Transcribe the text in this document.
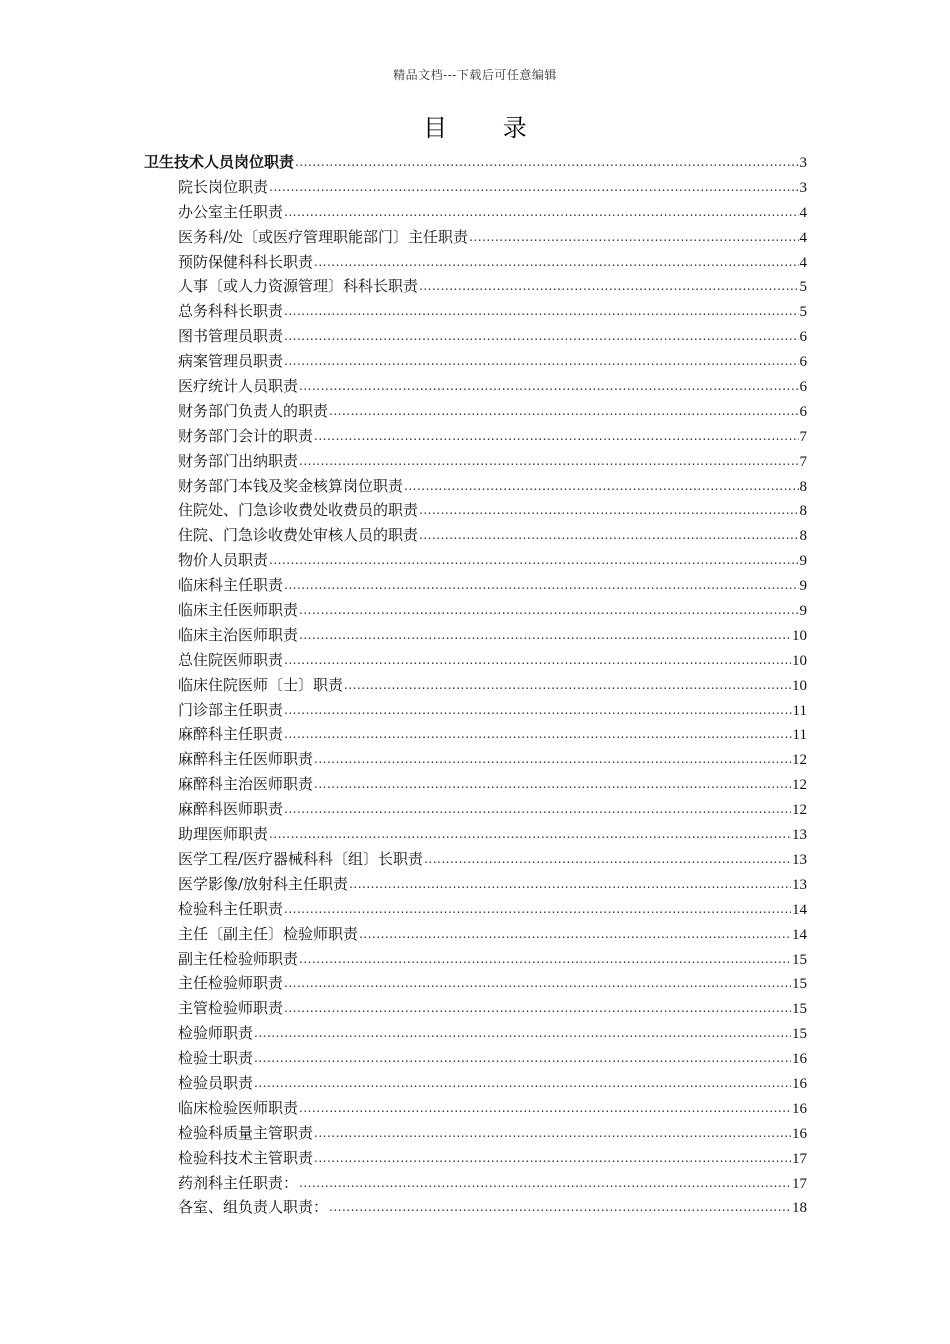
精品文档---下载后可任意编辑
目 录
卫生技术人员岗位职责 .....	3
院长岗位职责 .....	3
办公室主任职责 .....	4
医务科/处〔或医疗管理职能部门〕主任职责 .....	4
预防保健科科长职责 .....	4
人事〔或人力资源管理〕科科长职责 .....	5
总务科科长职责 .....	5
图书管理员职责 .....	6
病案管理员职责 .....	6
医疗统计人员职责 .....	6
财务部门负责人的职责 .....	6
财务部门会计的职责 .....	7
财务部门出纳职责 .....	7
财务部门本钱及奖金核算岗位职责 .....	8
住院处、门急诊收费处收费员的职责 .....	8
住院、门急诊收费处审核人员的职责 .....	8
物价人员职责 .....	9
临床科主任职责 .....	9
临床主任医师职责 .....	9
临床主治医师职责 .....	10
总住院医师职责 .....	10
临床住院医师〔士〕职责 .....	10
门诊部主任职责 .....	11
麻醉科主任职责 .....	11
麻醉科主任医师职责 .....	12
麻醉科主治医师职责 .....	12
麻醉科医师职责 .....	12
助理医师职责 .....	13
医学工程/医疗器械科科〔组〕长职责 .....	13
医学影像/放射科主任职责 .....	13
检验科主任职责 .....	14
主任〔副主任〕检验师职责 .....	14
副主任检验师职责 .....	15
主任检验师职责 .....	15
主管检验师职责 .....	15
检验师职责 .....	15
检验士职责 .....	16
检验员职责 .....	16
临床检验医师职责 .....	16
检验科质量主管职责 .....	16
检验科技术主管职责 .....	17
药剂科主任职责： .....	17
各室、组负责人职责： .....	18
